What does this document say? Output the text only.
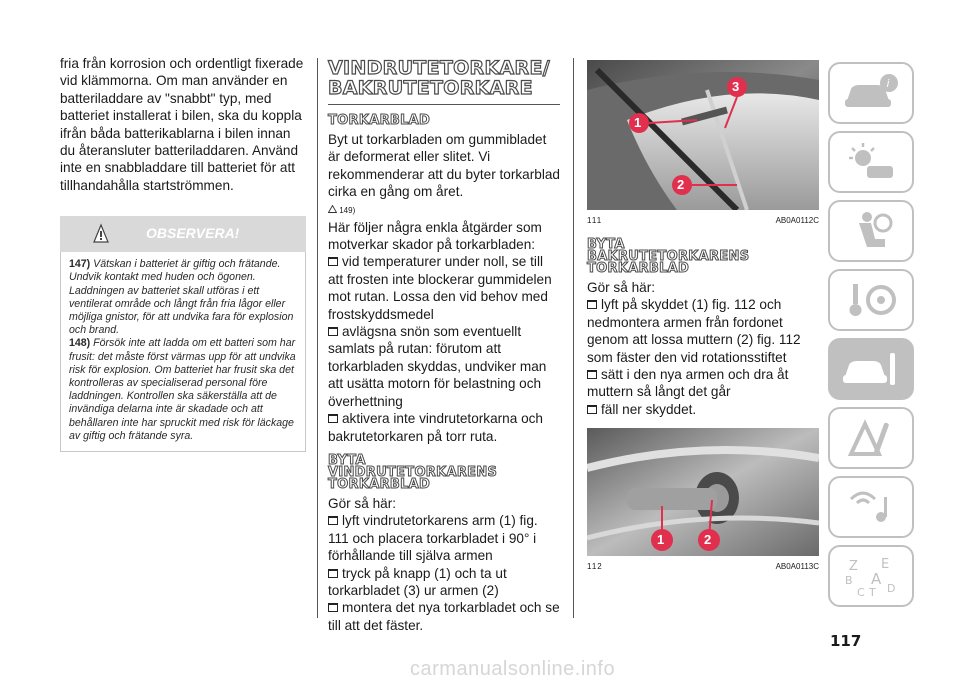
fria från korrosion och ordentligt fixerade vid klämmorna. Om man använder en batteriladdare av "snabbt" typ, med batteriet installerat i bilen, ska du koppla ifrån båda batterikablarna i bilen innan du återansluter batteriladdaren. Använd inte en snabbladdare till batteriet för att tillhandahålla startströmmen.

OBSERVERA!

147) Vätskan i batteriet är giftig och frätande. Undvik kontakt med huden och ögonen. Laddningen av batteriet skall utföras i ett ventilerat område och långt från fria lågor eller möjliga gnistor, för att undvika fara för explosion och brand.

148) Försök inte att ladda om ett batteri som har frusit: det måste först värmas upp för att undvika risk för explosion. Om batteriet har frusit ska det kontrolleras av specialiserad personal före laddningen. Kontrollen ska säkerställa att de invändiga delarna inte är skadade och att behållaren inte har spruckit med risk för läckage av giftig och frätande syra.

VINDRUTETORKARE/
BAKRUTETORKARE
TORKARBLAD

Byt ut torkarbladen om gummibladet är deformerat eller slitet. Vi rekommenderar att du byter torkarblad cirka en gång om året.

149)

Här följer några enkla åtgärder som motverkar skador på torkarbladen:

vid temperaturer under noll, se till att frosten inte blockerar gummidelen mot rutan. Lossa den vid behov med frostskyddsmedel

avlägsna snön som eventuellt samlats på rutan: förutom att torkarbladen skyddas, undviker man att usätta motorn för belastning och överhettning

aktivera inte vindrutetorkarna och bakrutetorkaren på torr ruta.

BYTA
VINDRUTETORKARENS
TORKARBLAD

Gör så här:

lyft vindrutetorkarens arm (1) fig. 111 och placera torkarbladet i 90° i förhållande till själva armen

tryck på knapp (1) och ta ut torkarbladet (3) ur armen (2)

montera det nya torkarbladet och se till att det fäster.

1
2
3
111	AB0A0112C
BYTA
BAKRUTETORKARENS
TORKARBLAD

Gör så här:

lyft på skyddet (1) fig. 112 och nedmontera armen från fordonet genom att lossa muttern (2) fig. 112 som fäster den vid rotationsstiftet

sätt i den nya armen och dra åt muttern så långt det går

fäll ner skyddet.

1	2
112	AB0A0113C
i
Z E
B A
C T D
117
carmanualsonline.info
